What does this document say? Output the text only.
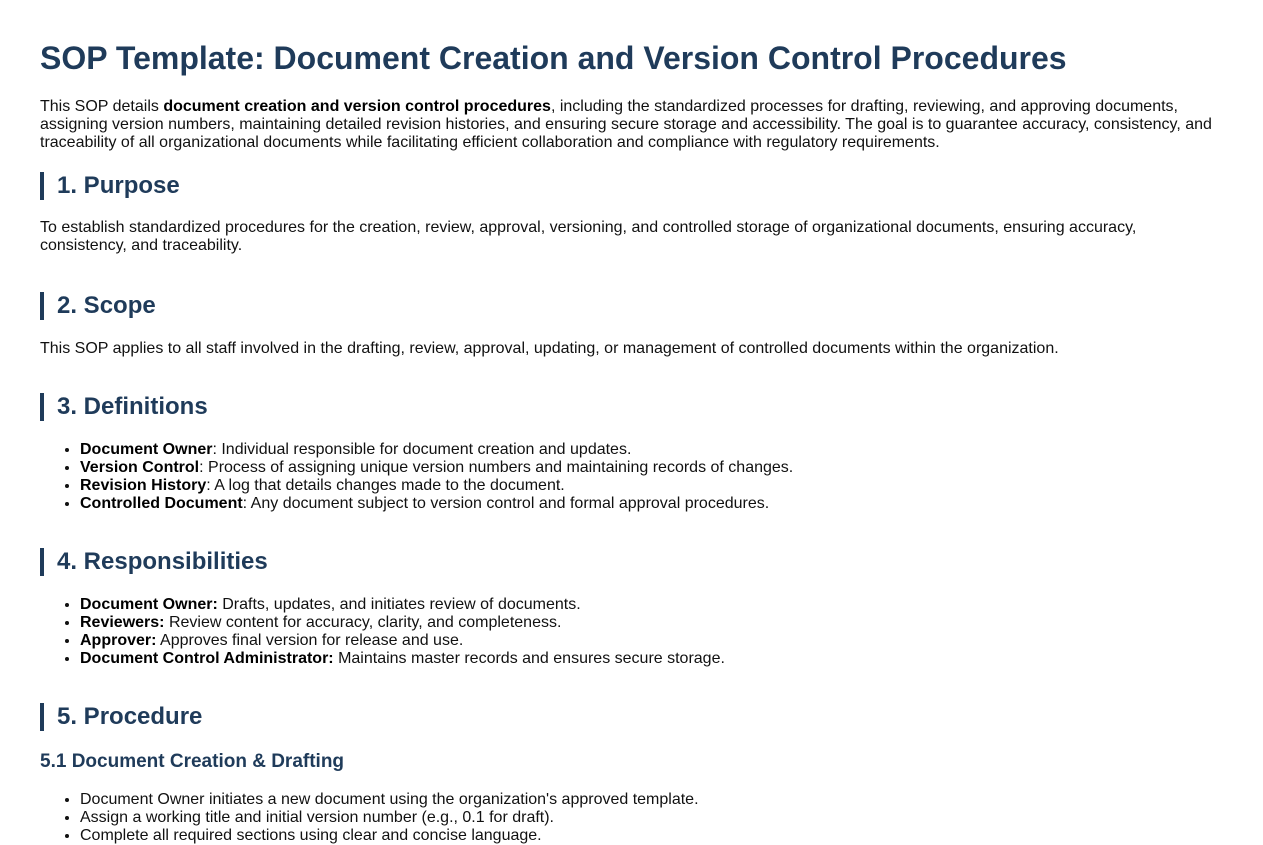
SOP Template: Document Creation and Version Control Procedures

This SOP details document creation and version control procedures, including the standardized processes for drafting, reviewing, and approving documents, assigning version numbers, maintaining detailed revision histories, and ensuring secure storage and accessibility. The goal is to guarantee accuracy, consistency, and traceability of all organizational documents while facilitating efficient collaboration and compliance with regulatory requirements.

1. Purpose

To establish standardized procedures for the creation, review, approval, versioning, and controlled storage of organizational documents, ensuring accuracy, consistency, and traceability.

2. Scope

This SOP applies to all staff involved in the drafting, review, approval, updating, or management of controlled documents within the organization.

3. Definitions
• Document Owner: Individual responsible for document creation and updates.
• Version Control: Process of assigning unique version numbers and maintaining records of changes.
• Revision History: A log that details changes made to the document.
• Controlled Document: Any document subject to version control and formal approval procedures.
4. Responsibilities
• Document Owner: Drafts, updates, and initiates review of documents.
• Reviewers: Review content for accuracy, clarity, and completeness.
• Approver: Approves final version for release and use.
• Document Control Administrator: Maintains master records and ensures secure storage.
5. Procedure
5.1 Document Creation & Drafting
• Document Owner initiates a new document using the organization's approved template.
• Assign a working title and initial version number (e.g., 0.1 for draft).
• Complete all required sections using clear and concise language.
